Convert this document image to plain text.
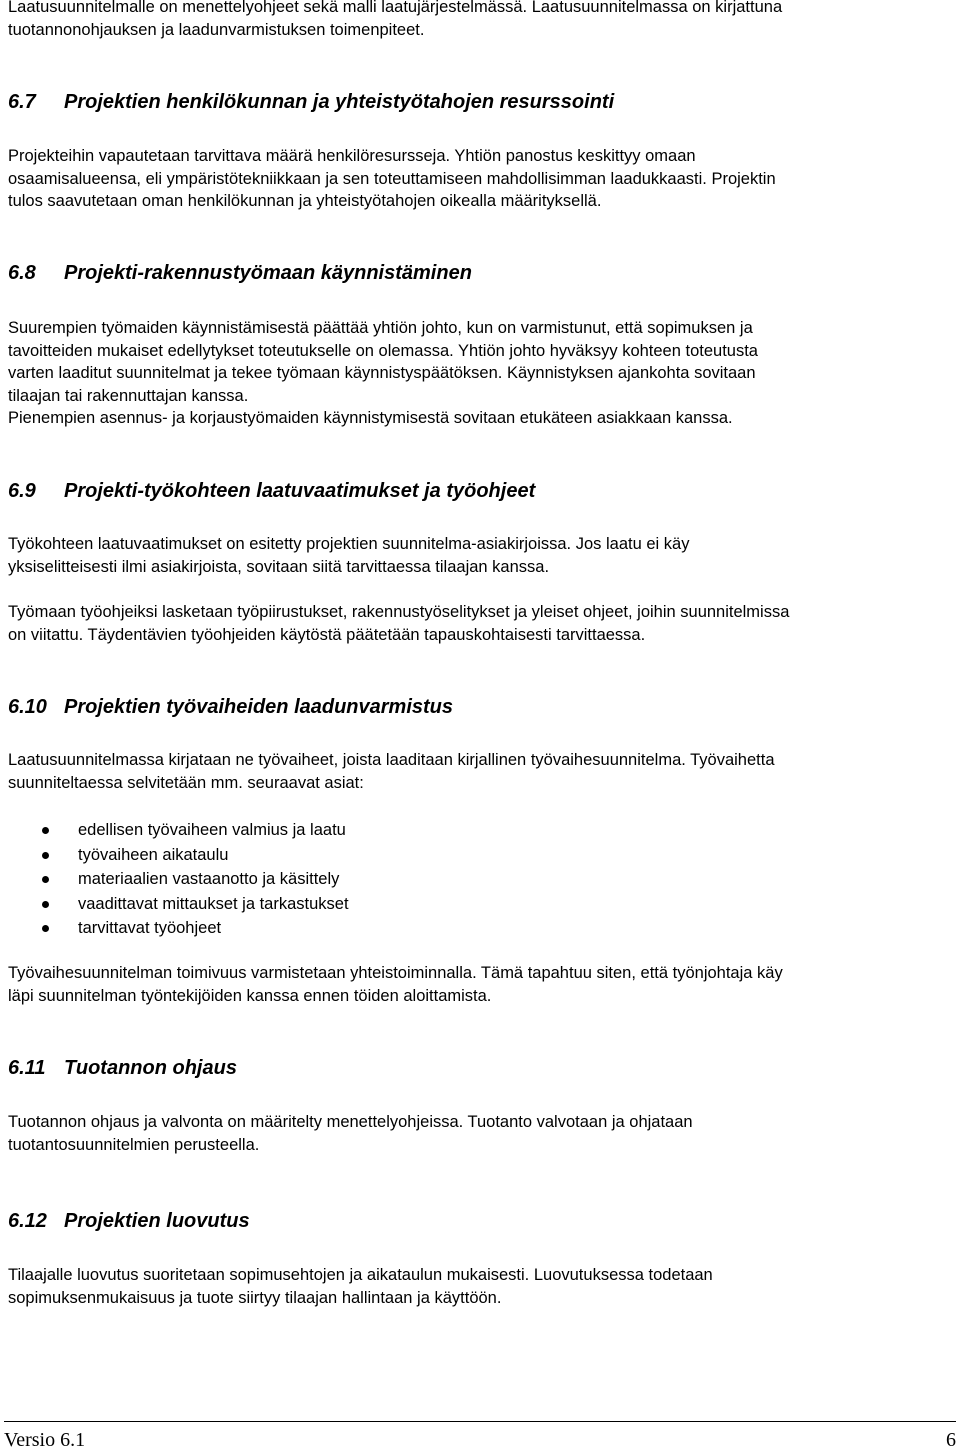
Laatusuunnitelmalle on menettelyohjeet sekä malli laatujärjestelmässä. Laatusuunnitelmassa on kirjattuna

tuotannonohjauksen ja laadunvarmistuksen toimenpiteet.

6.7 Projektien henkilökunnan ja yhteistyötahojen resurssointi

Projekteihin vapautetaan tarvittava määrä henkilöresursseja. Yhtiön panostus keskittyy omaan

osaamisalueensa, eli ympäristötekniikkaan ja sen toteuttamiseen mahdollisimman laadukkaasti. Projektin

tulos saavutetaan oman henkilökunnan ja yhteistyötahojen oikealla määrityksellä.

6.8 Projekti-rakennustyömaan käynnistäminen

Suurempien työmaiden käynnistämisestä päättää yhtiön johto, kun on varmistunut, että sopimuksen ja

tavoitteiden mukaiset edellytykset toteutukselle on olemassa. Yhtiön johto hyväksyy kohteen toteutusta

varten laaditut suunnitelmat ja tekee työmaan käynnistyspäätöksen. Käynnistyksen ajankohta sovitaan

tilaajan tai rakennuttajan kanssa.

Pienempien asennus- ja korjaustyömaiden käynnistymisestä sovitaan etukäteen asiakkaan kanssa.

6.9 Projekti-työkohteen laatuvaatimukset ja työohjeet

Työkohteen laatuvaatimukset on esitetty projektien suunnitelma-asiakirjoissa. Jos laatu ei käy

yksiselitteisesti ilmi asiakirjoista, sovitaan siitä tarvittaessa tilaajan kanssa.

Työmaan työohjeiksi lasketaan työpiirustukset, rakennustyöselitykset ja yleiset ohjeet, joihin suunnitelmissa

on viitattu. Täydentävien työohjeiden käytöstä päätetään tapauskohtaisesti tarvittaessa.

6.10 Projektien työvaiheiden laadunvarmistus

Laatusuunnitelmassa kirjataan ne työvaiheet, joista laaditaan kirjallinen työvaihesuunnitelma. Työvaihetta

suunniteltaessa selvitetään mm. seuraavat asiat:

edellisen työvaiheen valmius ja laatu
työvaiheen aikataulu
materiaalien vastaanotto ja käsittely
vaadittavat mittaukset ja tarkastukset
tarvittavat työohjeet

Työvaihesuunnitelman toimivuus varmistetaan yhteistoiminnalla. Tämä tapahtuu siten, että työnjohtaja käy

läpi suunnitelman työntekijöiden kanssa ennen töiden aloittamista.

6.11 Tuotannon ohjaus

Tuotannon ohjaus ja valvonta on määritelty menettelyohjeissa. Tuotanto valvotaan ja ohjataan

tuotantosuunnitelmien perusteella.

6.12 Projektien luovutus

Tilaajalle luovutus suoritetaan sopimusehtojen ja aikataulun mukaisesti. Luovutuksessa todetaan

sopimuksenmukaisuus ja tuote siirtyy tilaajan hallintaan ja käyttöön.

Versio 6.1	6
